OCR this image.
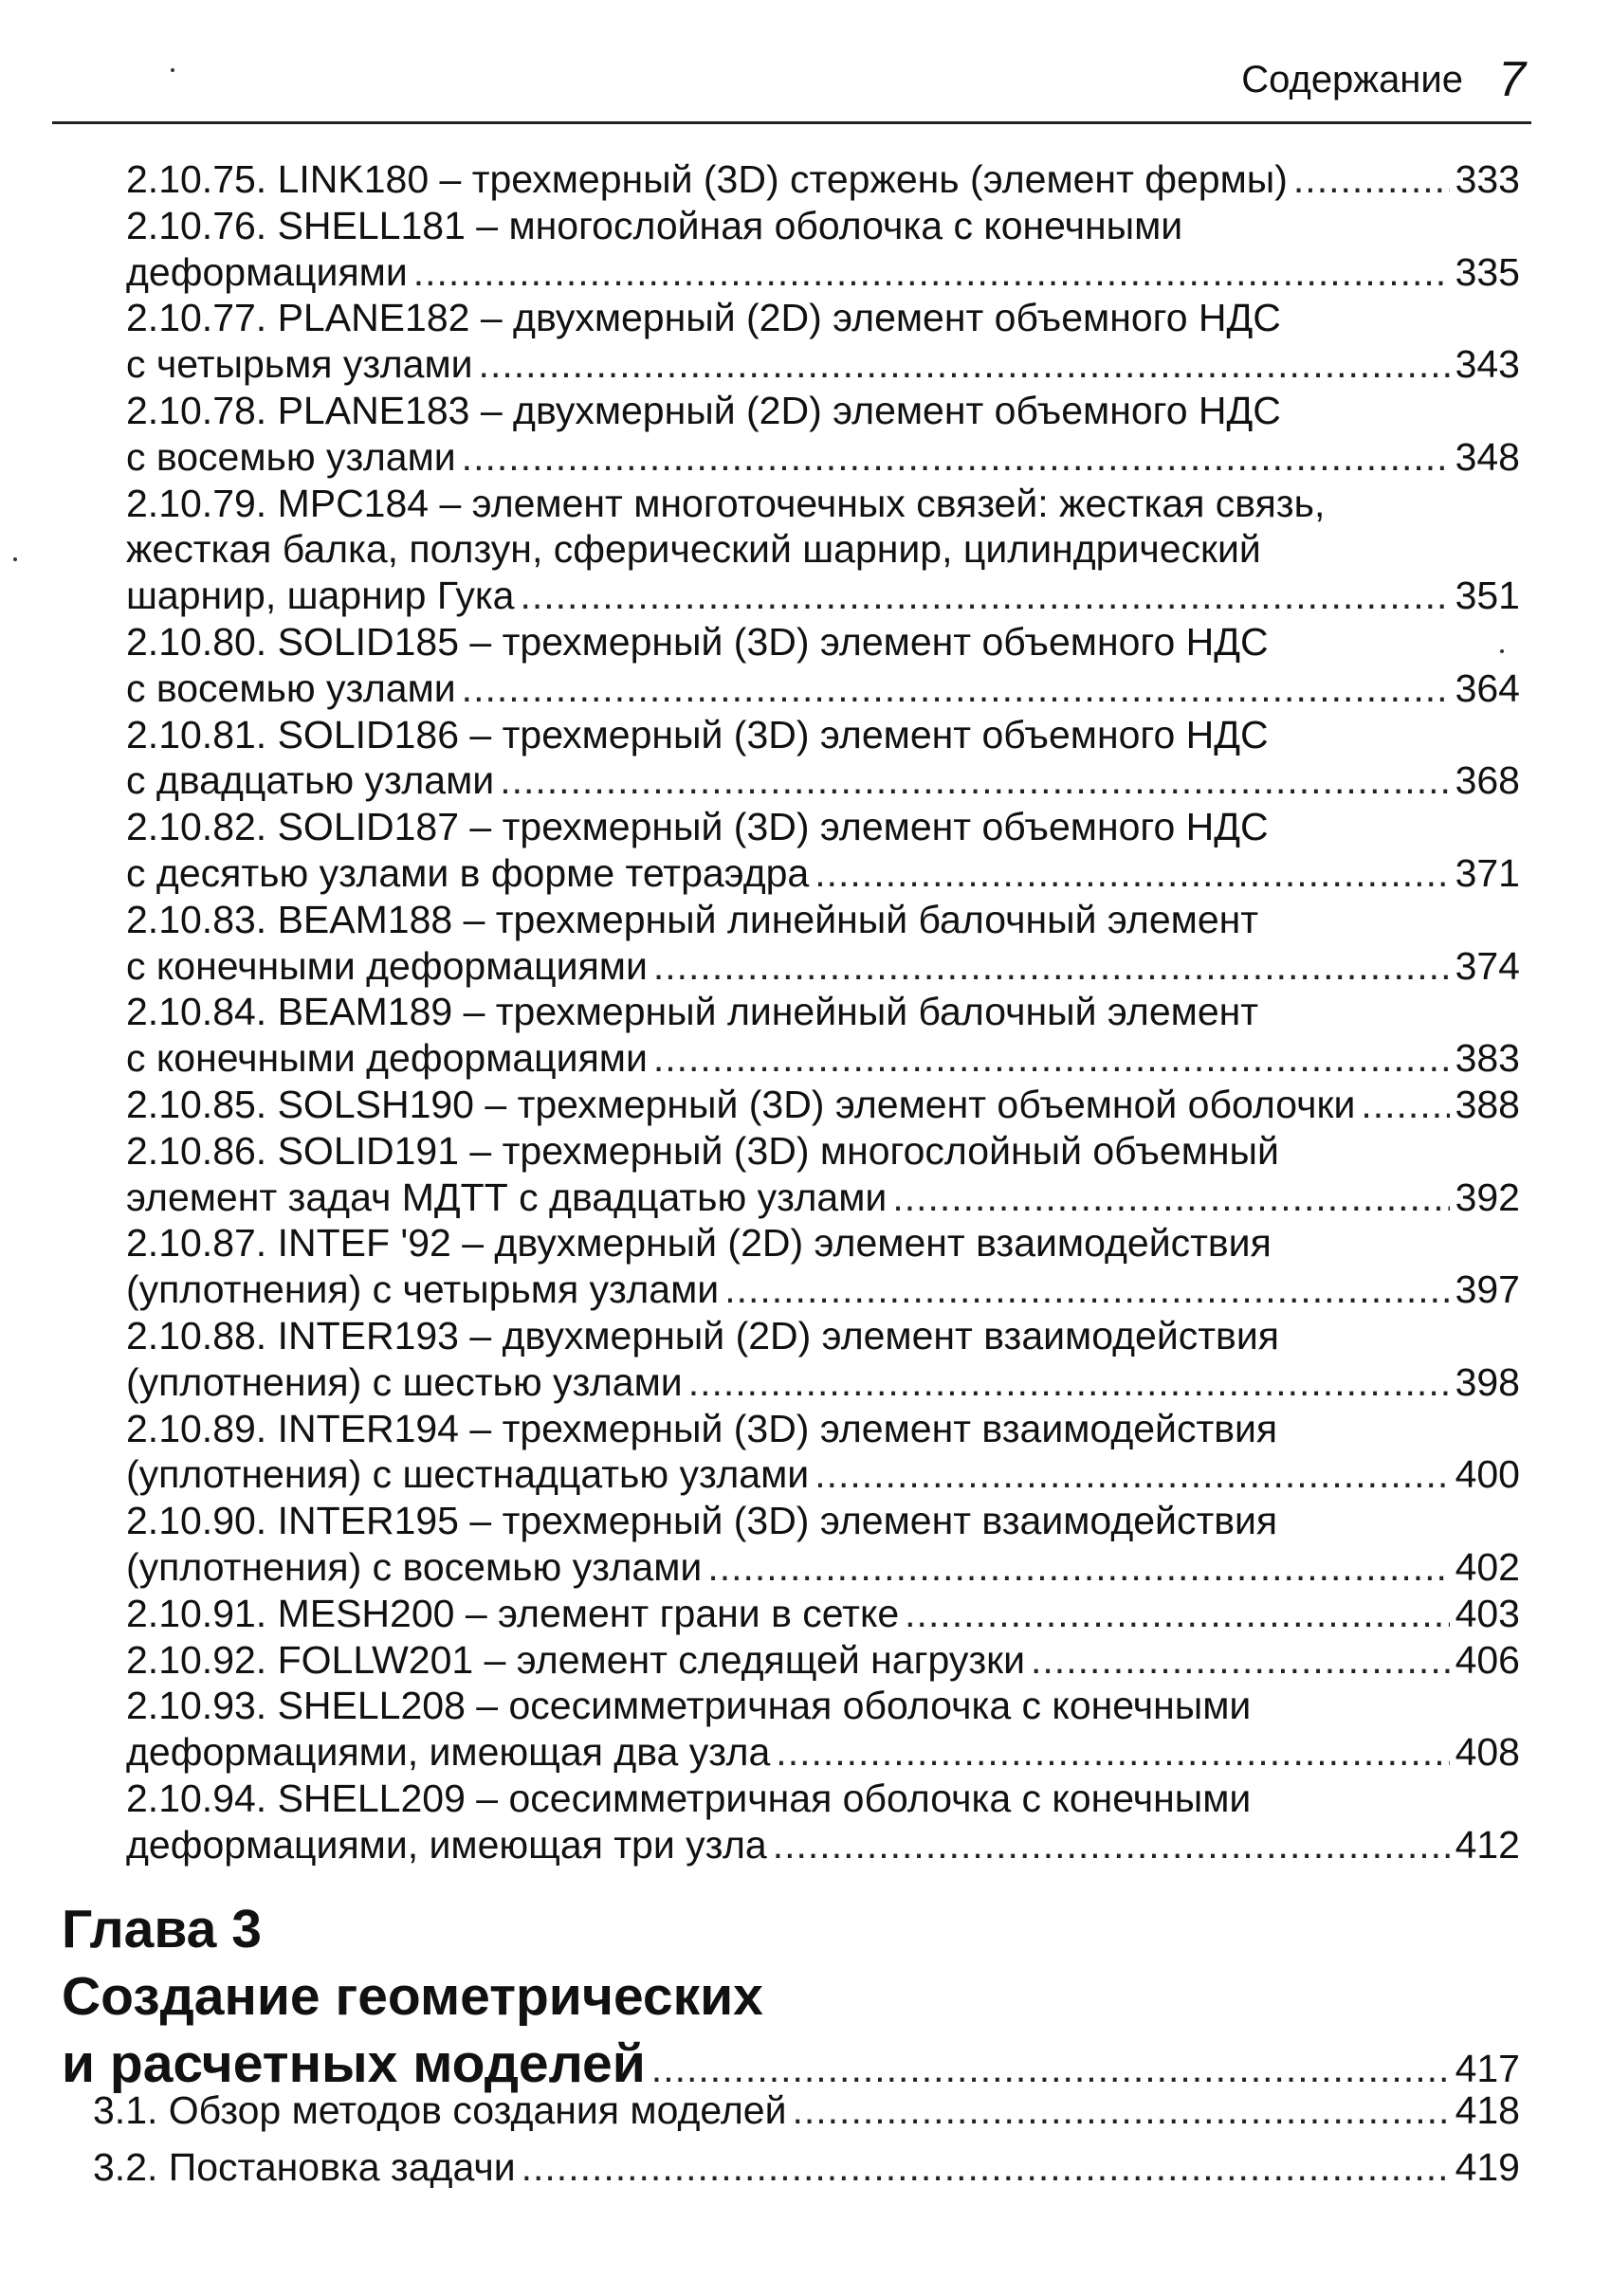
Содержание 7
2.10.75. LINK180 – трехмерный (3D) стержень (элемент фермы) .....	333
2.10.76. SHELL181 – многослойная оболочка с конечными
деформациями .....	335
2.10.77. PLANE182 – двухмерный (2D) элемент объемного НДС
с четырьмя узлами .....	343
2.10.78. PLANE183 – двухмерный (2D) элемент объемного НДС
с восемью узлами .....	348
2.10.79. MPC184 – элемент многоточечных связей: жесткая связь,
жесткая балка, ползун, сферический шарнир, цилиндрический
шарнир, шарнир Гука .....	351
2.10.80. SOLID185 – трехмерный (3D) элемент объемного НДС
с восемью узлами .....	364
2.10.81. SOLID186 – трехмерный (3D) элемент объемного НДС
с двадцатью узлами .....	368
2.10.82. SOLID187 – трехмерный (3D) элемент объемного НДС
с десятью узлами в форме тетраэдра .....	371
2.10.83. BEAM188 – трехмерный линейный балочный элемент
с конечными деформациями .....	374
2.10.84. BEAM189 – трехмерный линейный балочный элемент
с конечными деформациями .....	383
2.10.85. SOLSH190 – трехмерный (3D) элемент объемной оболочки .....	388
2.10.86. SOLID191 – трехмерный (3D) многослойный объемный
элемент задач МДТТ с двадцатью узлами .....	392
2.10.87. INTEF '92 – двухмерный (2D) элемент взаимодействия
(уплотнения) с четырьмя узлами .....	397
2.10.88. INTER193 – двухмерный (2D) элемент взаимодействия
(уплотнения) с шестью узлами .....	398
2.10.89. INTER194 – трехмерный (3D) элемент взаимодействия
(уплотнения) с шестнадцатью узлами .....	400
2.10.90. INTER195 – трехмерный (3D) элемент взаимодействия
(уплотнения) с восемью узлами .....	402
2.10.91. MESH200 – элемент грани в сетке .....	403
2.10.92. FOLLW201 – элемент следящей нагрузки .....	406
2.10.93. SHELL208 – осесимметричная оболочка с конечными
деформациями, имеющая два узла .....	408
2.10.94. SHELL209 – осесимметричная оболочка с конечными
деформациями, имеющая три узла .....	412
Глава 3
Создание геометрических
и расчетных моделей .....	417
3.1. Обзор методов создания моделей .....	418
3.2. Постановка задачи .....	419
